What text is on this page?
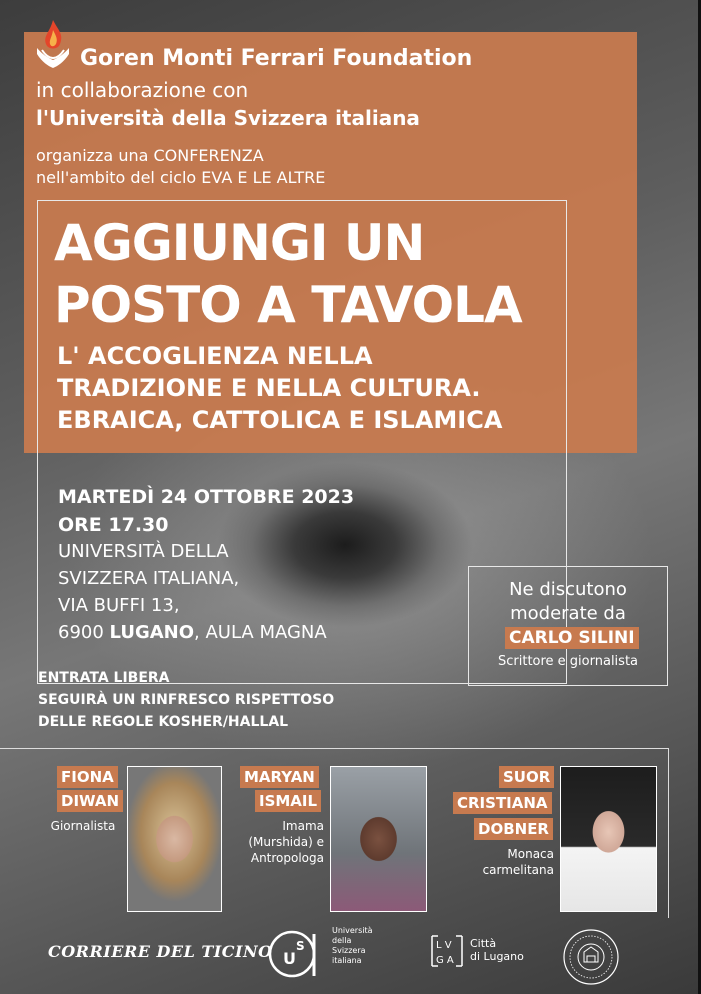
Goren Monti Ferrari Foundation
in collaborazione con
l'Università della Svizzera italiana
organizza una CONFERENZA
nell'ambito del ciclo EVA E LE ALTRE
AGGIUNGI UN
POSTO A TAVOLA
L' ACCOGLIENZA NELLA
TRADIZIONE E NELLA CULTURA.
EBRAICA, CATTOLICA E ISLAMICA
MARTEDÌ 24 OTTOBRE 2023
ORE 17.30
UNIVERSITÀ DELLA
SVIZZERA ITALIANA,
VIA BUFFI 13,
6900 LUGANO, AULA MAGNA
Ne discutono
moderate da
CARLO SILINI
Scrittore e giornalista
ENTRATA LIBERA
SEGUIRÀ UN RINFRESCO RISPETTOSO
DELLE REGOLE KOSHER/HALLAL
FIONA
DIWAN
Giornalista
MARYAN
ISMAIL
Imama
(Murshida) e
Antropologa
SUOR
CRISTIANA
DOBNER
Monaca
carmelitana
CORRIERE DEL TICINO U
S
Università
della
Svizzera
italiana
L V
G A
Città
di Lugano
